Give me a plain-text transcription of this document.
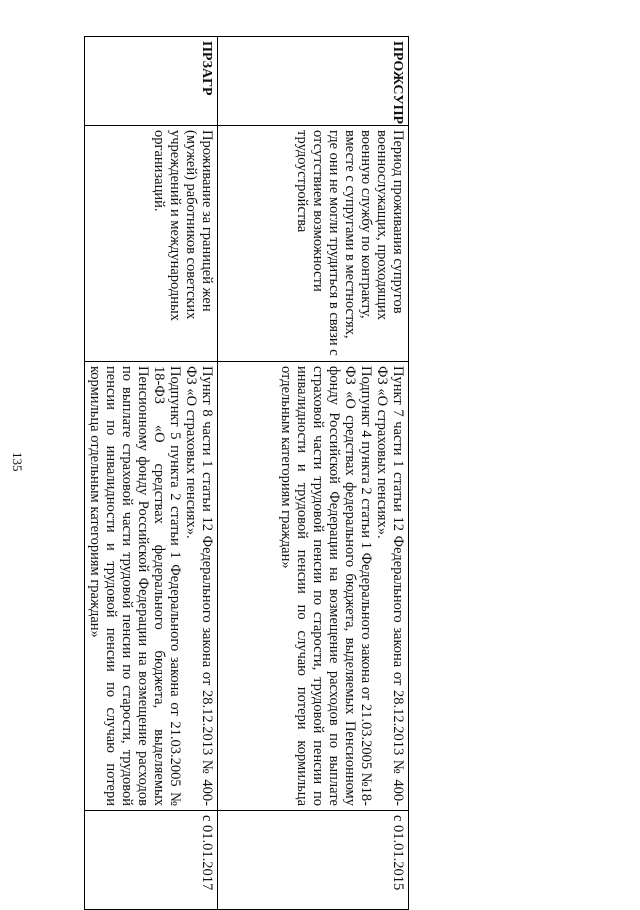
135
ПРОЖСУПР	Период проживания супругов военнослужащих, проходящих военную службу по контракту, вместе с супругами в местностях, где они не могли трудиться в связи с отсутствием возможности трудоустройства	Пункт 7 части 1 статьи 12 Федерального закона от 28.12.2013 № 400-ФЗ «О страховых пенсиях».

Подпункт 4 пункта 2 статьи 1 Федерального закона от 21.03.2005 №18-ФЗ «О средствах федерального бюджета, выделяемых Пенсионному фонду Российской Федерации на возмещение расходов по выплате страховой части трудовой пенсии по старости, трудовой пенсии по инвалидности и трудовой пенсии по случаю потери кормильца отдельным категориям граждан»	с 01.01.2015
ПРЗАГР	Проживание за границей жен (мужей) работников советских учреждений и международных организаций.	Пункт 8 части 1 статьи 12 Федерального закона от 28.12.2013 № 400-ФЗ «О страховых пенсиях».

Подпункт 5 пункта 2 статьи 1 Федерального закона от 21.03.2005 № 18-ФЗ «О средствах федерального бюджета, выделяемых Пенсионному фонду Российской Федерации на возмещение расходов по выплате страховой части трудовой пенсии по старости, трудовой пенсии по инвалидности и трудовой пенсии по случаю потери кормильца отдельным категориям граждан»	с 01.01.2017
